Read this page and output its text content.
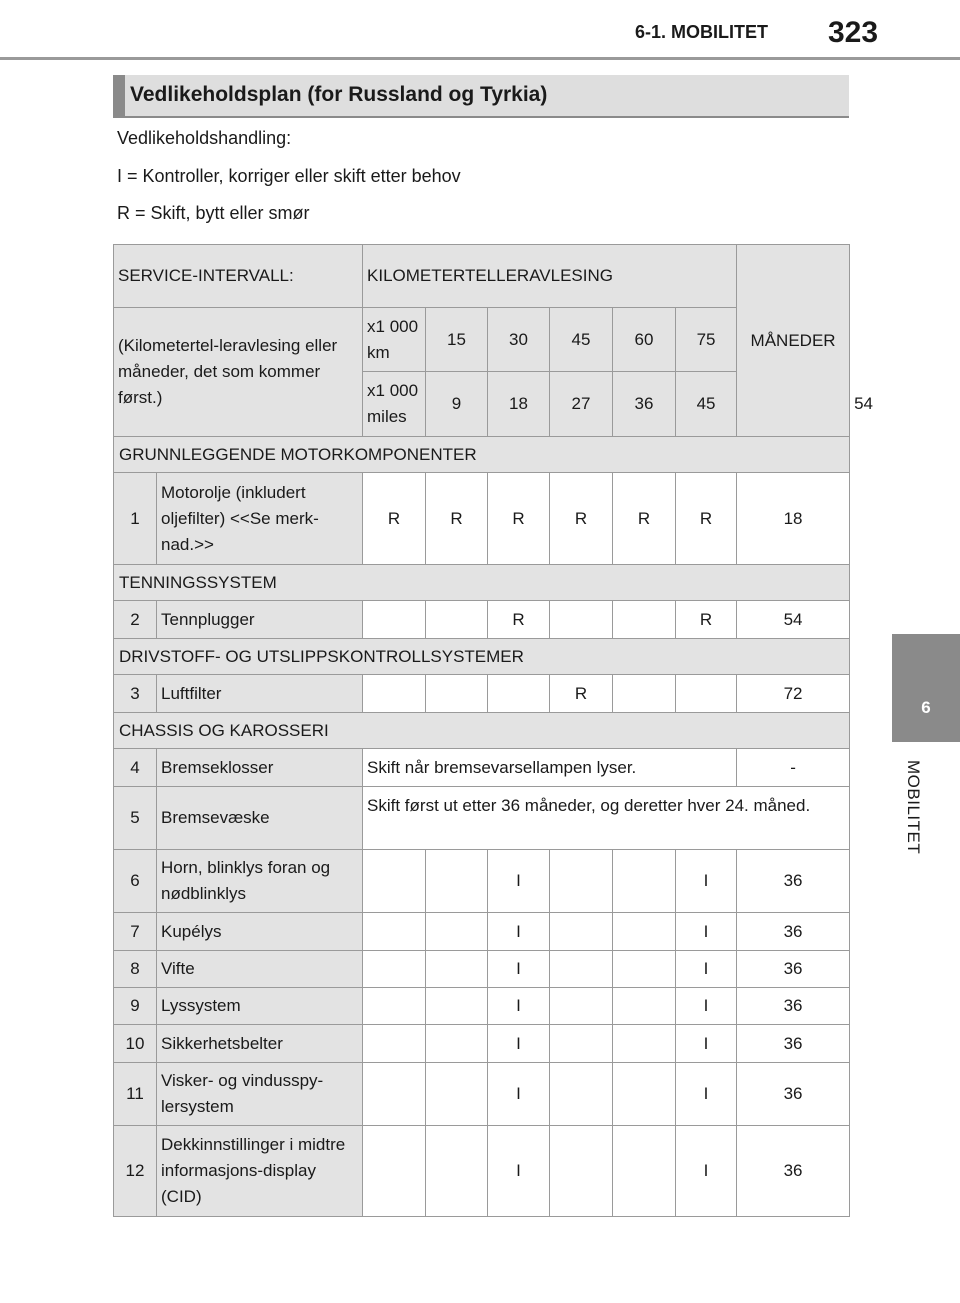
6-1. MOBILITET 323
6
MOBILITET
Vedlikeholdsplan (for Russland og Tyrkia)
Vedlikeholdshandling:
I = Kontroller, korriger eller skift etter behov
R = Skift, bytt eller smør
SERVICE-INTERVALL:		KILOMETERTELLERAVLESING						MÅNEDER	
(Kilometertel-leravlesing eller måneder, det som kommer først.)		x1 000 km	15	30	45	60	75		
		x1 000 miles	9	18	27	36	45		54
GRUNNLEGGENDE MOTORKOMPONENTER									
1	Motorolje (inkludert oljefilter) <<Se merk-nad.>>	R	R	R	R	R	R	18	
TENNINGSSYSTEM									
2	Tennplugger			R			R	54	
DRIVSTOFF- OG UTSLIPPSKONTROLLSYSTEMER									
3	Luftfilter				R			72	
CHASSIS OG KAROSSERI									
4	Bremseklosser	Skift når bremsevarsellampen lyser.						-	
5	Bremsevæske	Skift først ut etter 36 måneder, og deretter hver 24. måned.							
6	Horn, blinklys foran og nødblinklys			I			I	36	
7	Kupélys			I			I	36	
8	Vifte			I			I	36	
9	Lyssystem			I			I	36	
10	Sikkerhetsbelter			I			I	36	
11	Visker- og vindusspy-lersystem			I			I	36	
12	Dekkinnstillinger i midtre informasjons-display (CID)			I			I	36	
